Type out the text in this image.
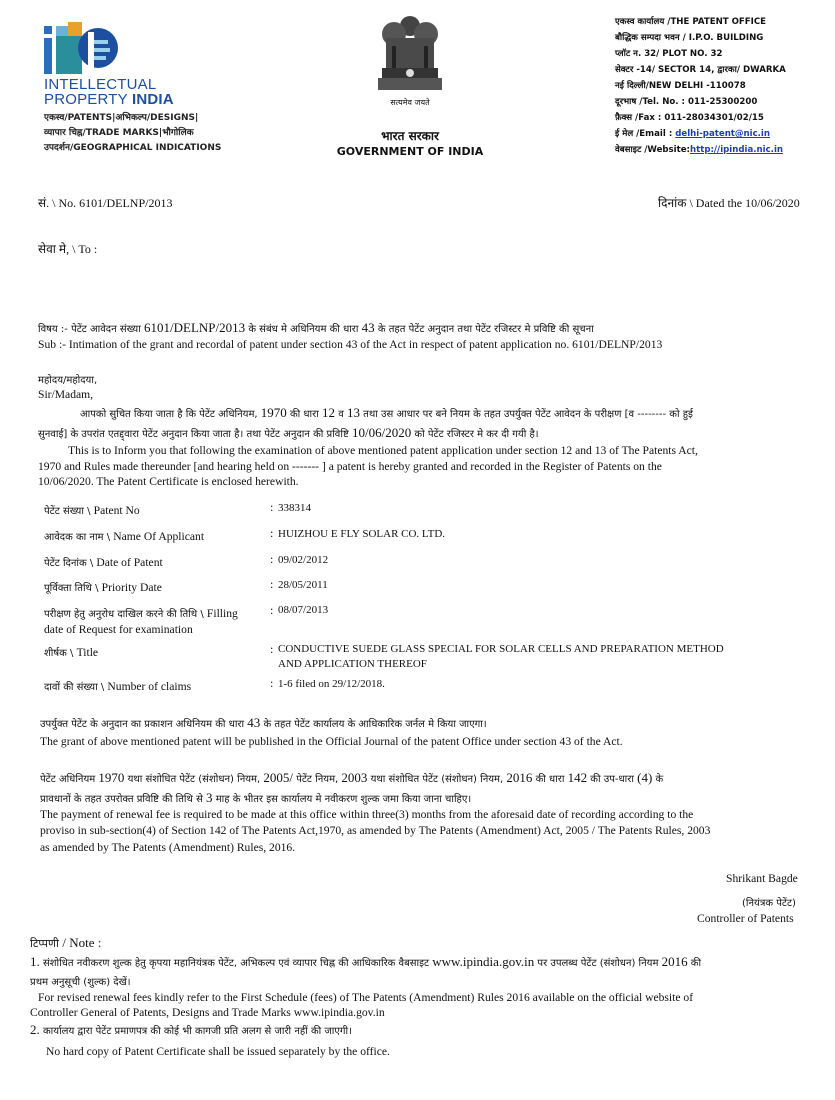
INTELLECTUAL
PROPERTY INDIA
एकस्व/PATENTS|अभिकल्प/DESIGNS|
व्यापार चिह्न/TRADE MARKS|भौगोलिक
उपदर्शन/GEOGRAPHICAL INDICATIONS
सत्यमेव जयते
भारत सरकार
GOVERNMENT OF INDIA
एकस्व कार्यालय /THE PATENT OFFICE
बौद्धिक सम्पदा भवन / I.P.O. BUILDING
प्लॉट न. 32/ PLOT NO. 32
सेक्टर -14/ SECTOR 14, द्वारका/ DWARKA
नई दिल्ली/NEW DELHI -110078
दूरभाष /Tel. No. : 011-25300200
फ़ैक्स /Fax : 011-28034301/02/15
ई मेल /Email : delhi-patent@nic.in
वेबसाइट /Website:http://ipindia.nic.in
सं. \ No. 6101/DELNP/2013	दिनांक \ Dated the 10/06/2020
सेवा मे, \ To :
विषय :- पेटेंट आवेदन संख्या 6101/DELNP/2013 के संबंध मे अधिनियम की धारा 43 के तहत पेटेंट अनुदान तथा पेटेंट रजिस्टर मे प्रविष्टि की सूचना
Sub :- Intimation of the grant and recordal of patent under section 43 of the Act in respect of patent application no. 6101/DELNP/2013
महोदय/महोदया,
Sir/Madam,
आपको सुचित किया जाता है कि पेटेंट अधिनियम, 1970 की धारा 12 व 13 तथा उस आधार पर बने नियम के तहत उपर्युक्त पेटेंट आवेदन के परीक्षण [व -------- को हुई
सुनवाई] के उपरांत एतद्द्वारा पेटेंट अनुदान किया जाता है। तथा पेटेंट अनुदान की प्रविष्टि 10/06/2020 को पेटेंट रजिस्टर मे कर दी गयी है।
This is to Inform you that following the examination of above mentioned patent application under section 12 and 13 of The Patents Act,
1970 and Rules made thereunder [and hearing held on ------- ] a patent is hereby granted and recorded in the Register of Patents on the
10/06/2020. The Patent Certificate is enclosed herewith.
पेटेंट संख्या \ Patent No	: 338314
आवेदक का नाम \ Name Of Applicant	: HUIZHOU E FLY SOLAR CO. LTD.
पेटेंट दिनांक \ Date of Patent	: 09/02/2012
पूर्विक्ता तिथि \ Priority Date	: 28/05/2011
परीक्षण हेतु अनुरोध दाखिल करने की तिथि \ Filling
date of Request for examination
: 08/07/2013
शीर्षक \ Title	: CONDUCTIVE SUEDE GLASS SPECIAL FOR SOLAR CELLS AND PREPARATION METHOD
AND APPLICATION THEREOF
दावों की संख्या \ Number of claims	: 1-6 filed on 29/12/2018.
उपर्युक्त पेटेंट के अनुदान का प्रकाशन अधिनियम की धारा 43 के तहत पेटेंट कार्यालय के आधिकारिक जर्नल मे किया जाएगा।
The grant of above mentioned patent will be published in the Official Journal of the patent Office under section 43 of the Act.
पेटेंट अधिनियम 1970 यथा संशोधित पेटेंट (संशोधन) नियम, 2005/ पेटेंट नियम, 2003 यथा संशोधित पेटेंट (संशोधन) नियम, 2016 की धारा 142 की उप-धारा (4) के
प्रावधानों के तहत उपरोक्त प्रविष्टि की तिथि से 3 माह के भीतर इस कार्यालय मे नवीकरण शुल्क जमा किया जाना चाहिए।
The payment of renewal fee is required to be made at this office within three(3) months from the aforesaid date of recording according to the
proviso in sub-section(4) of Section 142 of The Patents Act,1970, as amended by The Patents (Amendment) Act, 2005 / The Patents Rules, 2003
as amended by The Patents (Amendment) Rules, 2016.
Shrikant Bagde
(नियंत्रक पेटेंट)
Controller of Patents
टिप्पणी / Note :
1. संशोधित नवीकरण शुल्क हेतु कृपया महानियंत्रक पेटेंट, अभिकल्प एवं व्यापार चिह्न की आधिकारिक वैबसाइट www.ipindia.gov.in पर उपलब्ध पेटेंट (संशोधन) नियम 2016 की
प्रथम अनुसूची (शुल्क) देखें।
For revised renewal fees kindly refer to the First Schedule (fees) of The Patents (Amendment) Rules 2016 available on the official website of
Controller General of Patents, Designs and Trade Marks www.ipindia.gov.in
2. कार्यालय द्वारा पेटेंट प्रमाणपत्र की कोई भी कागजी प्रति अलग से जारी नहीं की जाएगी।
No hard copy of Patent Certificate shall be issued separately by the office.
